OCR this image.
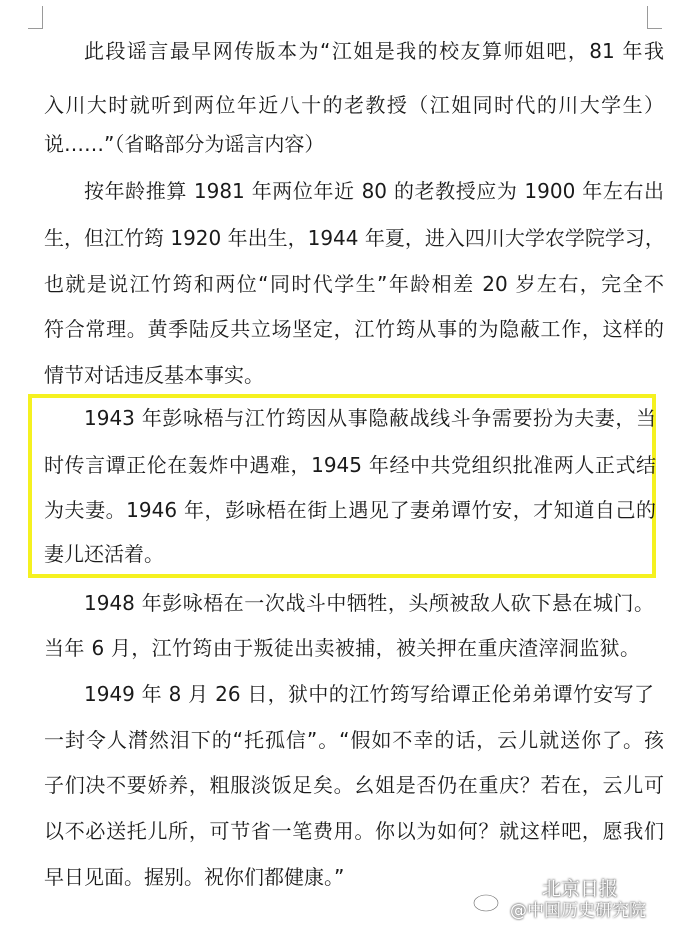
此段谣言最早网传版本为“江姐是我的校友算师姐吧，81 年我
入川大时就听到两位年近八十的老教授（江姐同时代的川大学生）
说……”（省略部分为谣言内容）
按年龄推算 1981 年两位年近 80 的老教授应为 1900 年左右出
生，但江竹筠 1920 年出生，1944 年夏，进入四川大学农学院学习，
也就是说江竹筠和两位“同时代学生”年龄相差 20 岁左右，完全不
符合常理。黄季陆反共立场坚定，江竹筠从事的为隐蔽工作，这样的
情节对话违反基本事实。
1943 年彭咏梧与江竹筠因从事隐蔽战线斗争需要扮为夫妻，当
时传言谭正伦在轰炸中遇难，1945 年经中共党组织批准两人正式结
为夫妻。1946 年，彭咏梧在街上遇见了妻弟谭竹安，才知道自己的
妻儿还活着。
1948 年彭咏梧在一次战斗中牺牲，头颅被敌人砍下悬在城门。
当年 6 月，江竹筠由于叛徒出卖被捕，被关押在重庆渣滓洞监狱。
1949 年 8 月 26 日，狱中的江竹筠写给谭正伦弟弟谭竹安写了
一封令人潸然泪下的“托孤信”。“假如不幸的话，云儿就送你了。孩
子们决不要娇养，粗服淡饭足矣。幺姐是否仍在重庆？若在，云儿可
以不必送托儿所，可节省一笔费用。你以为如何？就这样吧，愿我们
早日见面。握别。祝你们都健康。”	北京日报
@中国历史研究院
